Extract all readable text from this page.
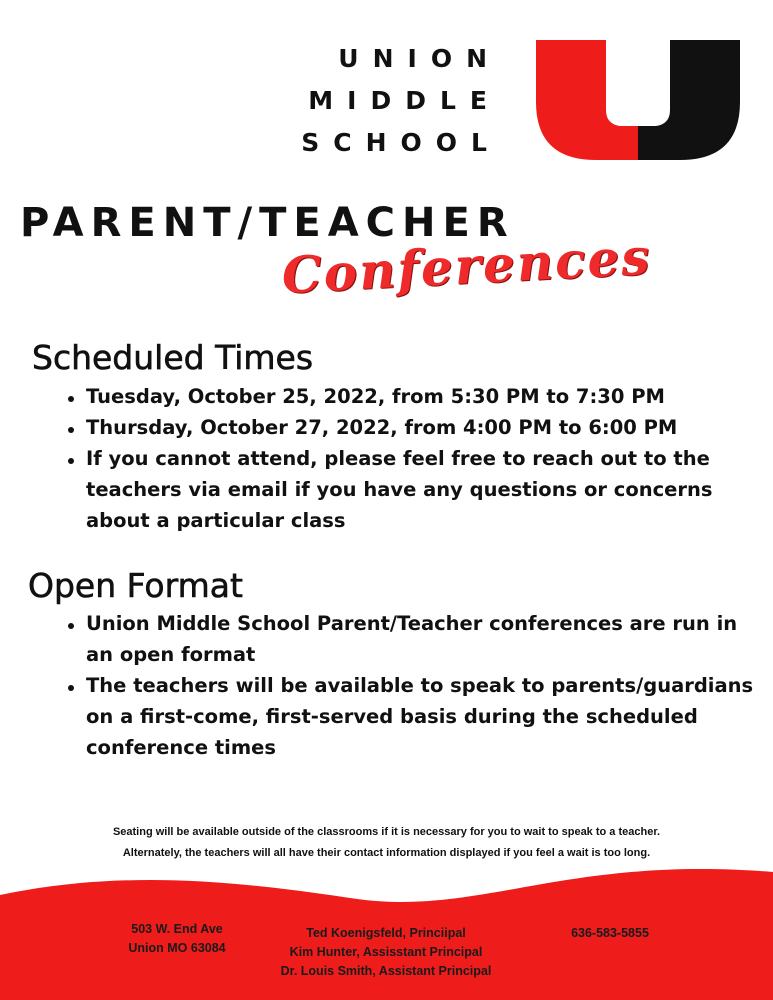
UNION
MIDDLE
SCHOOL
PARENT/TEACHER
Conferences
Scheduled Times
Tuesday, October 25, 2022, from 5:30 PM to 7:30 PM
Thursday, October 27, 2022, from 4:00 PM to 6:00 PM
If you cannot attend, please feel free to reach out to the teachers via email if you have any questions or concerns about a particular class
Open Format
Union Middle School Parent/Teacher conferences are run in an open format
The teachers will be available to speak to parents/guardians on a first-come, first-served basis during the scheduled conference times
Seating will be available outside of the classrooms if it is necessary for you to wait to speak to a teacher.
Alternately, the teachers will all have their contact information displayed if you feel a wait is too long.
503 W. End Ave
Union MO 63084
Ted Koenigsfeld, Princiipal
Kim Hunter, Assisstant Principal
Dr. Louis Smith, Assistant Principal
636-583-5855
